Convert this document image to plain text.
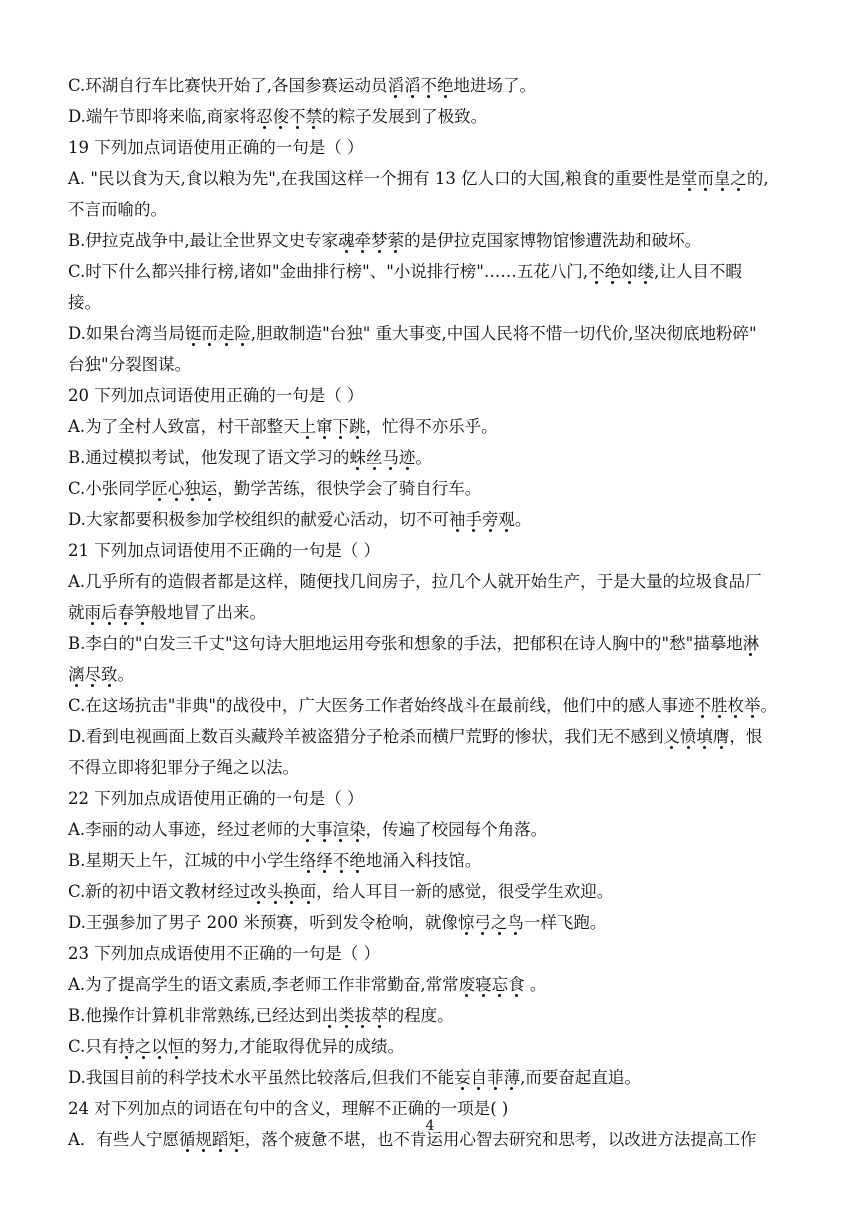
C.环湖自行车比赛快开始了,各国参赛运动员滔滔不绝地进场了。
D.端午节即将来临,商家将忍俊不禁的粽子发展到了极致。
19 下列加点词语使用正确的一句是（ ）
A. "民以食为天,食以粮为先",在我国这样一个拥有 13 亿人口的大国,粮食的重要性是堂而皇之的,
不言而喻的。
B.伊拉克战争中,最让全世界文史专家魂牵梦萦的是伊拉克国家博物馆惨遭洗劫和破坏。
C.时下什么都兴排行榜,诸如"金曲排行榜"、"小说排行榜"……五花八门,不绝如缕,让人目不暇
接。
D.如果台湾当局铤而走险,胆敢制造"台独" 重大事变,中国人民将不惜一切代价,坚决彻底地粉碎"
台独"分裂图谋。
20 下列加点词语使用正确的一句是（ ）
A.为了全村人致富，村干部整天上窜下跳，忙得不亦乐乎。
B.通过模拟考试，他发现了语文学习的蛛丝马迹。
C.小张同学匠心独运，勤学苦练，很快学会了骑自行车。
D.大家都要积极参加学校组织的献爱心活动，切不可袖手旁观。
21 下列加点词语使用不正确的一句是（ ）
A.几乎所有的造假者都是这样，随便找几间房子，拉几个人就开始生产，于是大量的垃圾食品厂
就雨后春笋般地冒了出来。
B.李白的"白发三千丈"这句诗大胆地运用夸张和想象的手法，把郁积在诗人胸中的"愁"描摹地淋
漓尽致。
C.在这场抗击"非典"的战役中，广大医务工作者始终战斗在最前线，他们中的感人事迹不胜枚举。
D.看到电视画面上数百头藏羚羊被盗猎分子枪杀而横尸荒野的惨状，我们无不感到义愤填膺，恨
不得立即将犯罪分子绳之以法。
22 下列加点成语使用正确的一句是（ ）
A.李丽的动人事迹，经过老师的大事渲染，传遍了校园每个角落。
B.星期天上午，江城的中小学生络绎不绝地涌入科技馆。
C.新的初中语文教材经过改头换面，给人耳目一新的感觉，很受学生欢迎。
D.王强参加了男子 200 米预赛，听到发令枪响，就像惊弓之鸟一样飞跑。
23 下列加点成语使用不正确的一句是（ ）
A.为了提高学生的语文素质,李老师工作非常勤奋,常常废寝忘食 。
B.他操作计算机非常熟练,已经达到出类拔萃的程度。
C.只有持之以恒的努力,才能取得优异的成绩。
D.我国目前的科学技术水平虽然比较落后,但我们不能妄自菲薄,而要奋起直追。
24 对下列加点的词语在句中的含义，理解不正确的一项是( )
A．有些人宁愿循规蹈矩，落个疲惫不堪，也不肯运用心智去研究和思考，以改进方法提高工作
4
